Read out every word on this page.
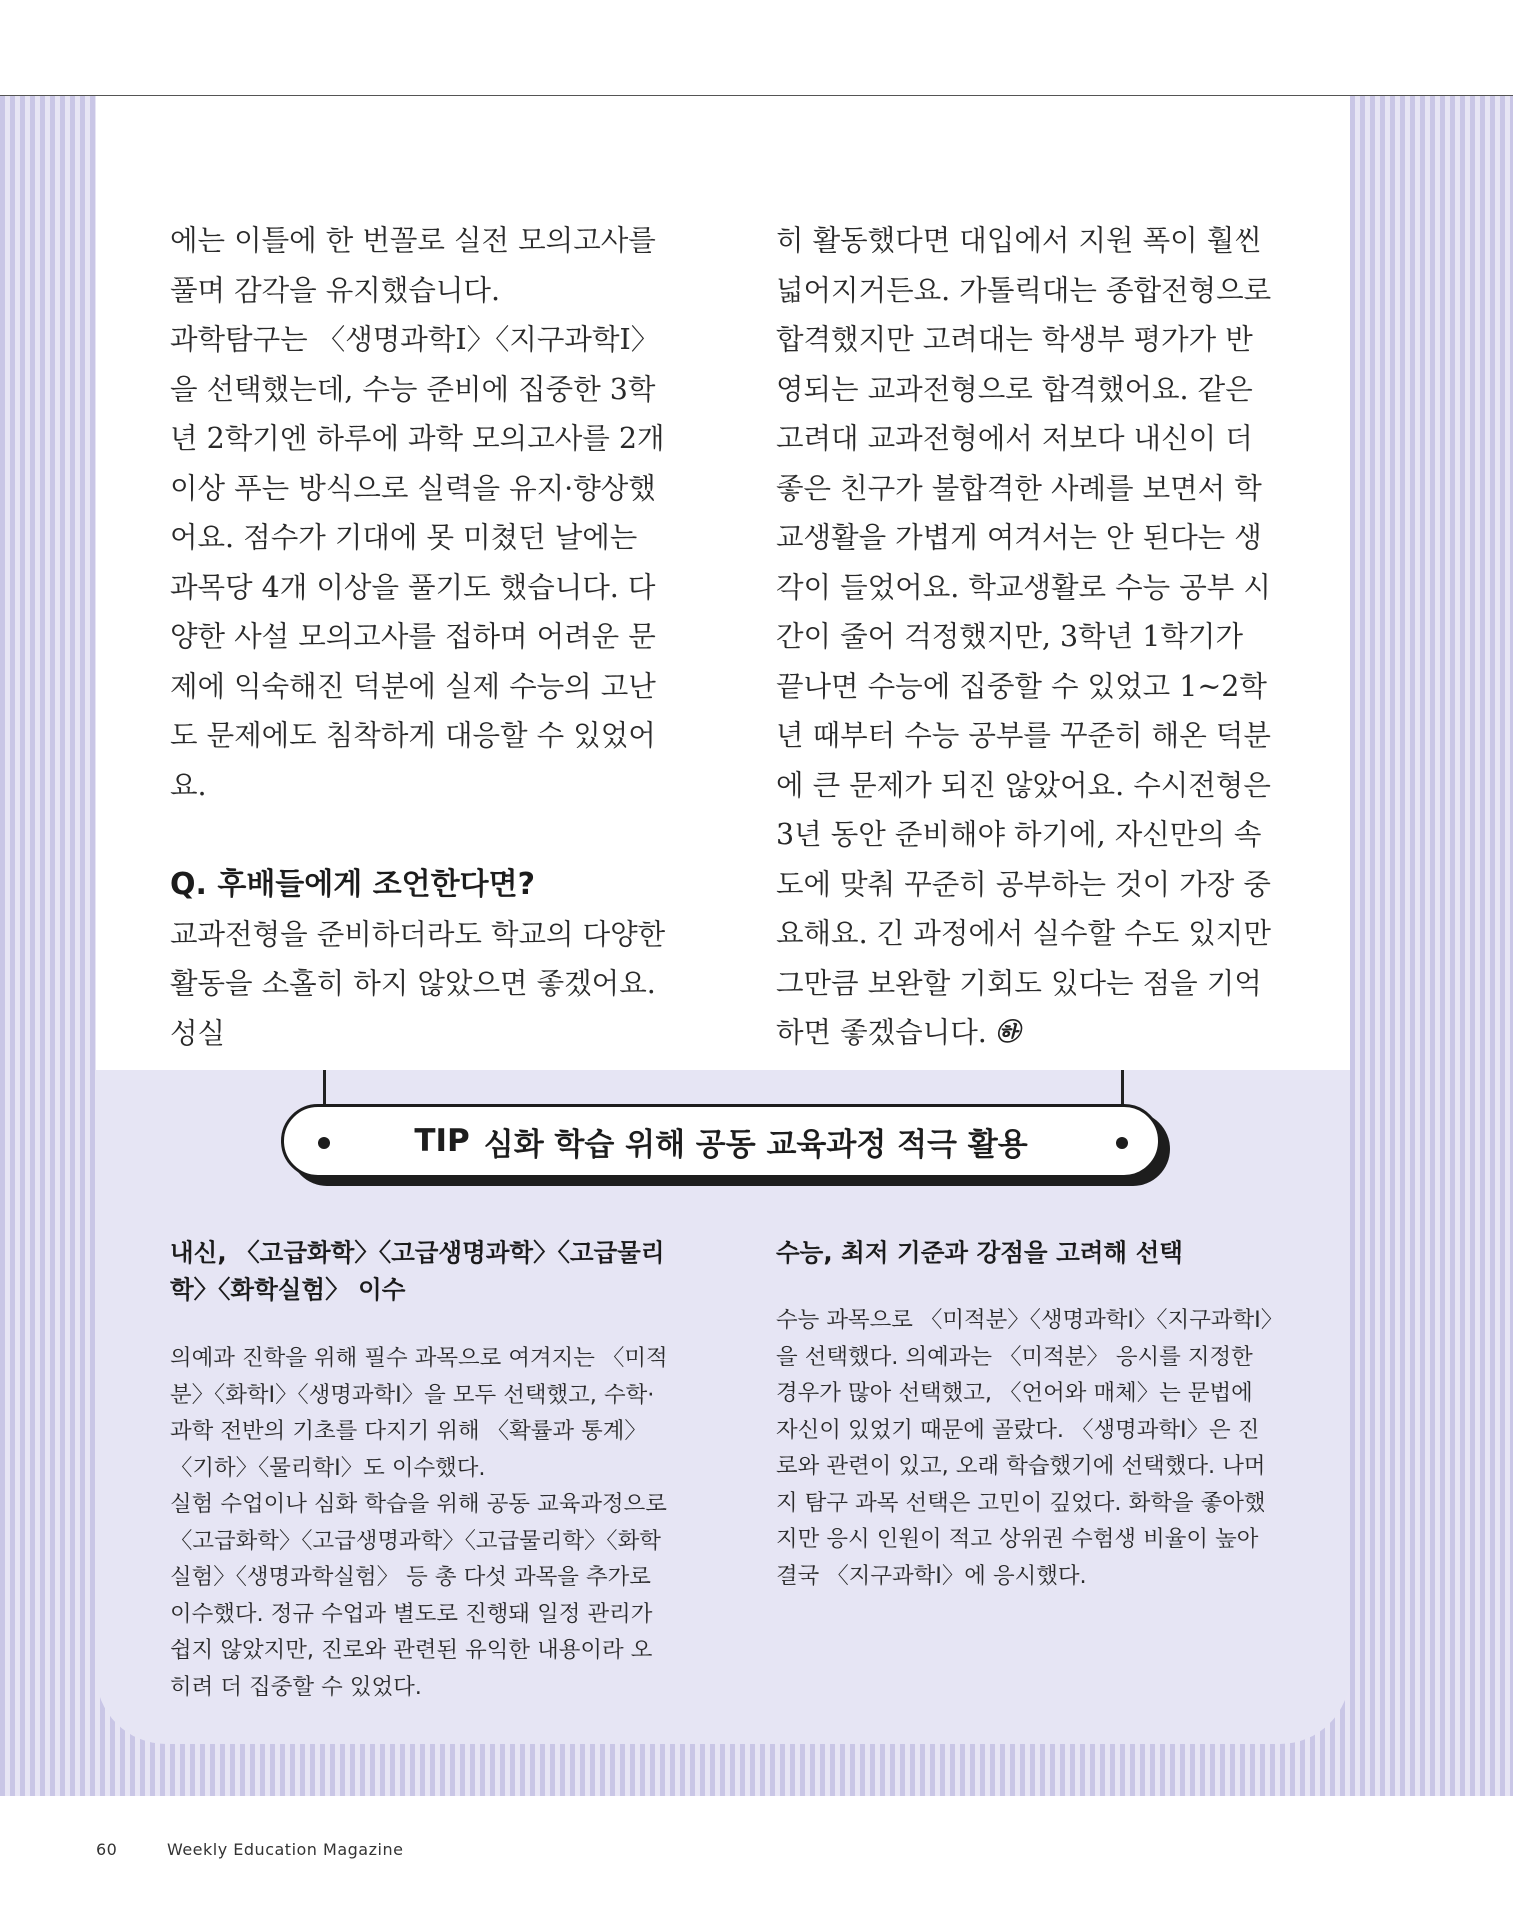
에는 이틀에 한 번꼴로 실전 모의고사를 풀며 감각을 유지했습니다.

과학탐구는 〈생명과학Ⅰ〉〈지구과학Ⅰ〉을 선택했는데, 수능 준비에 집중한 3학년 2학기엔 하루에 과학 모의고사를 2개 이상 푸는 방식으로 실력을 유지·향상했어요. 점수가 기대에 못 미쳤던 날에는 과목당 4개 이상을 풀기도 했습니다. 다양한 사설 모의고사를 접하며 어려운 문제에 익숙해진 덕분에 실제 수능의 고난도 문제에도 침착하게 대응할 수 있었어요.

Q. 후배들에게 조언한다면?

교과전형을 준비하더라도 학교의 다양한 활동을 소홀히 하지 않았으면 좋겠어요. 성실

히 활동했다면 대입에서 지원 폭이 훨씬 넓어지거든요. 가톨릭대는 종합전형으로 합격했지만 고려대는 학생부 평가가 반영되는 교과전형으로 합격했어요. 같은 고려대 교과전형에서 저보다 내신이 더 좋은 친구가 불합격한 사례를 보면서 학교생활을 가볍게 여겨서는 안 된다는 생각이 들었어요. 학교생활로 수능 공부 시간이 줄어 걱정했지만, 3학년 1학기가 끝나면 수능에 집중할 수 있었고 1~2학년 때부터 수능 공부를 꾸준히 해온 덕분에 큰 문제가 되진 않았어요. 수시전형은 3년 동안 준비해야 하기에, 자신만의 속도에 맞춰 꾸준히 공부하는 것이 가장 중요해요. 긴 과정에서 실수할 수도 있지만 그만큼 보완할 기회도 있다는 점을 기억하면 좋겠습니다. ㉻

TIP 심화 학습 위해 공동 교육과정 적극 활용
내신, 〈고급화학〉〈고급생명과학〉〈고급물리학〉〈화학실험〉 이수

의예과 진학을 위해 필수 과목으로 여겨지는 〈미적분〉〈화학Ⅰ〉〈생명과학Ⅰ〉을 모두 선택했고, 수학·과학 전반의 기초를 다지기 위해 〈확률과 통계〉〈기하〉〈물리학Ⅰ〉도 이수했다.

실험 수업이나 심화 학습을 위해 공동 교육과정으로 〈고급화학〉〈고급생명과학〉〈고급물리학〉〈화학실험〉〈생명과학실험〉 등 총 다섯 과목을 추가로 이수했다. 정규 수업과 별도로 진행돼 일정 관리가 쉽지 않았지만, 진로와 관련된 유익한 내용이라 오히려 더 집중할 수 있었다.

수능, 최저 기준과 강점을 고려해 선택

수능 과목으로 〈미적분〉〈생명과학Ⅰ〉〈지구과학Ⅰ〉을 선택했다. 의예과는 〈미적분〉 응시를 지정한 경우가 많아 선택했고, 〈언어와 매체〉는 문법에 자신이 있었기 때문에 골랐다. 〈생명과학Ⅰ〉은 진로와 관련이 있고, 오래 학습했기에 선택했다. 나머지 탐구 과목 선택은 고민이 깊었다. 화학을 좋아했지만 응시 인원이 적고 상위권 수험생 비율이 높아 결국 〈지구과학Ⅰ〉에 응시했다.

60	Weekly Education Magazine
